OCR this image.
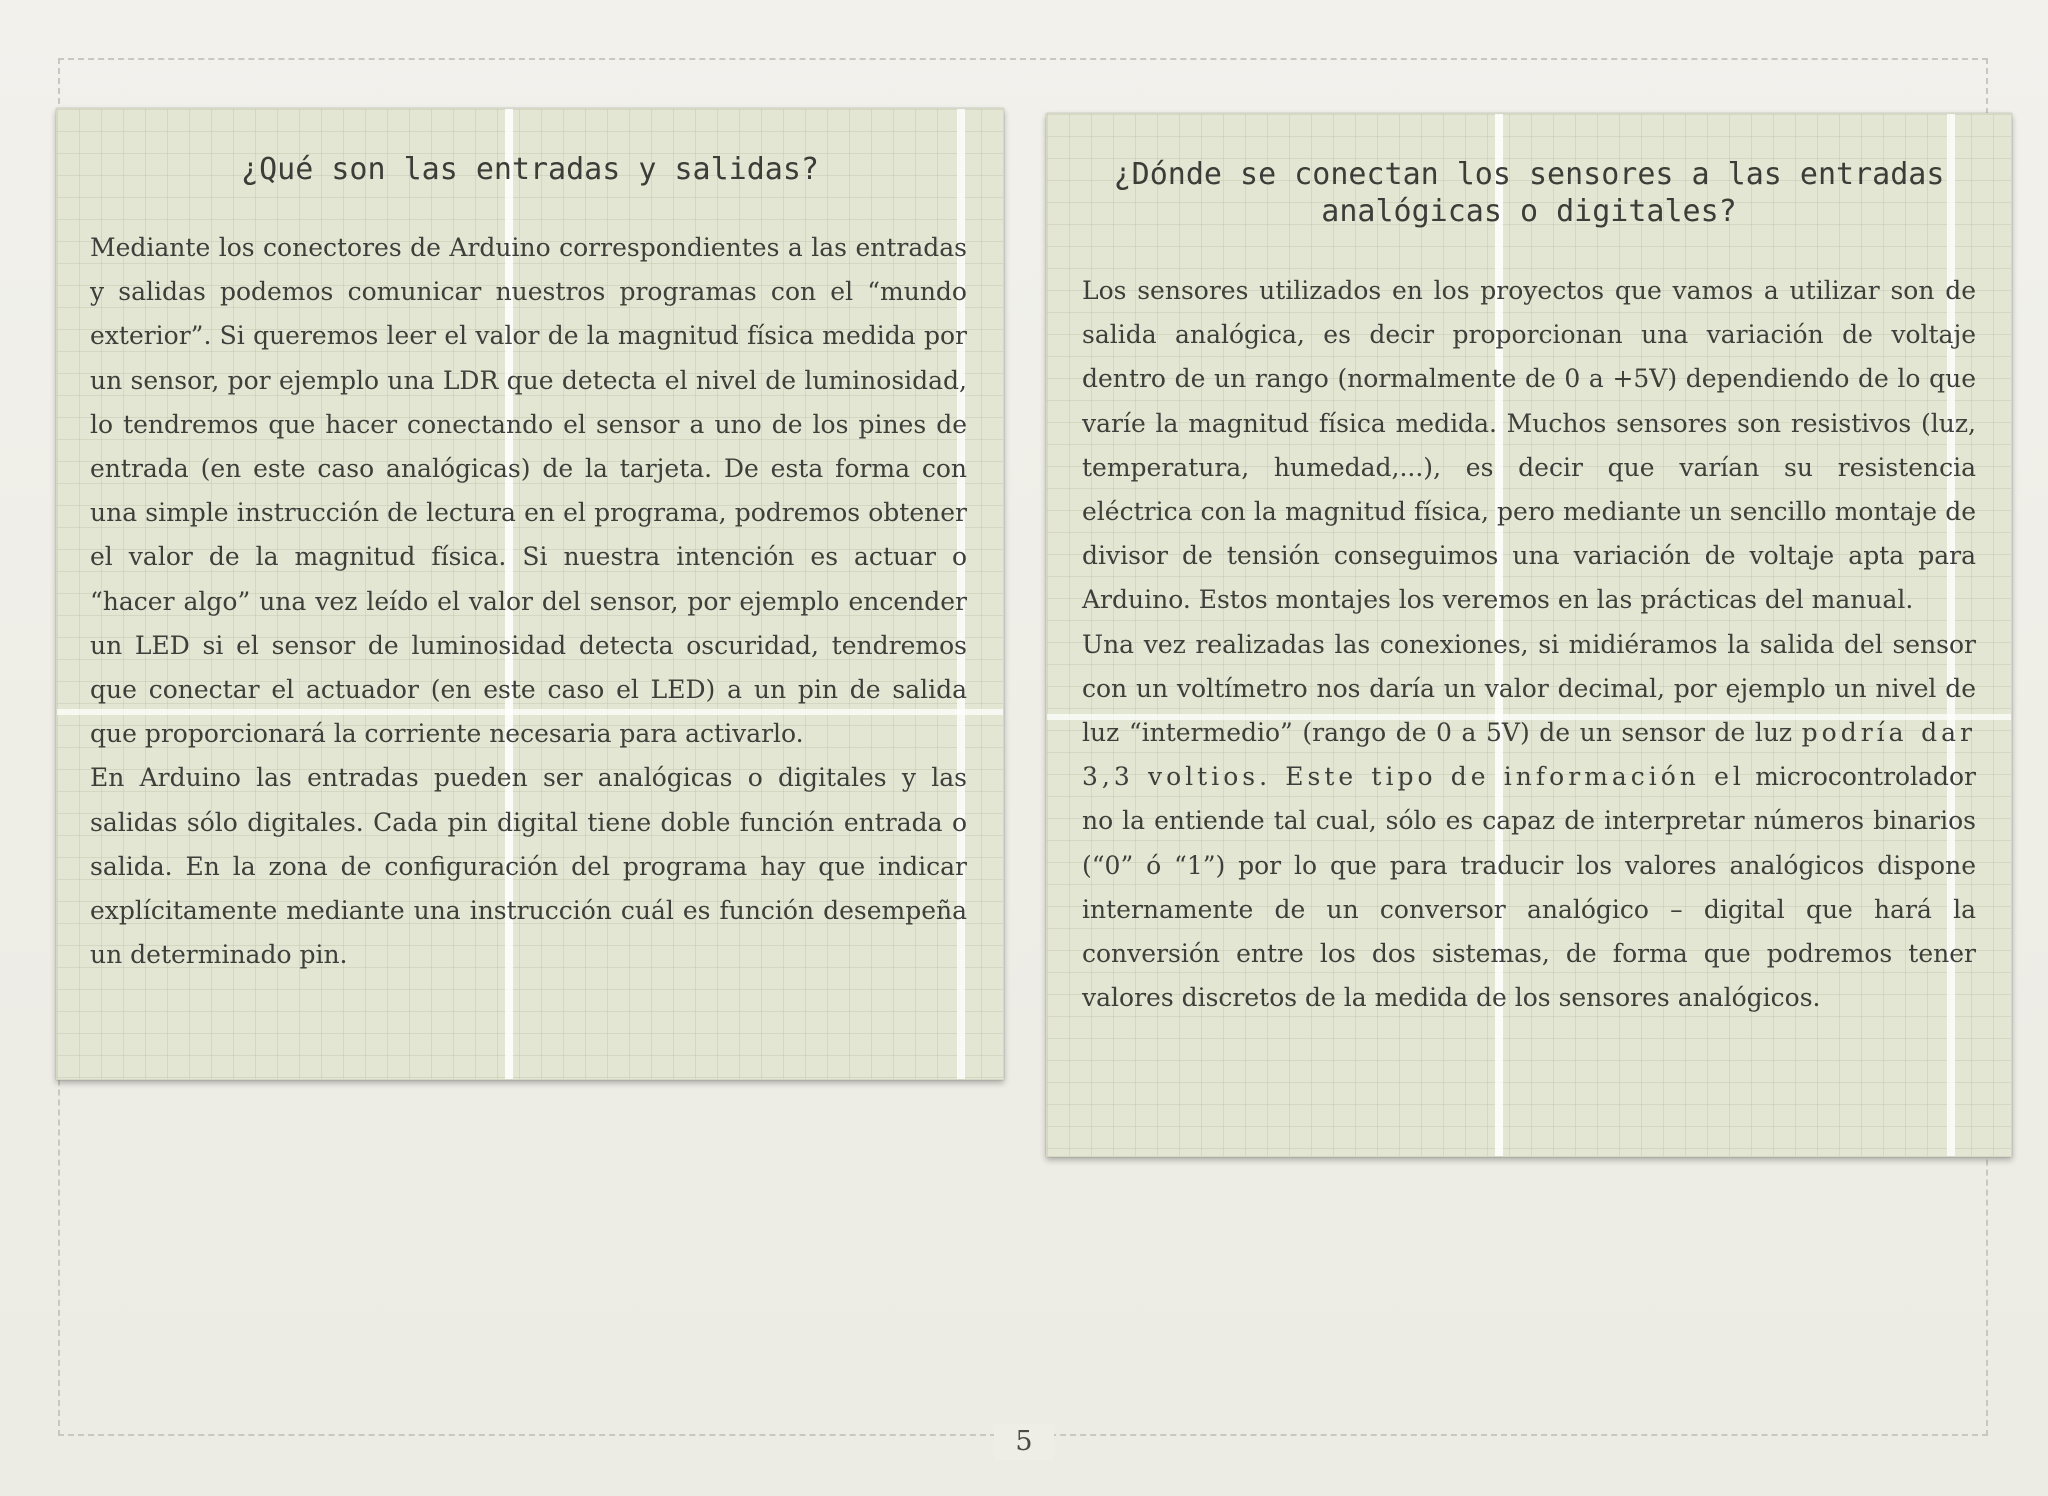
¿Qué son las entradas y salidas?

Mediante los conectores de Arduino correspondientes a las entradas y salidas podemos comunicar nuestros programas con el “mundo exterior”. Si queremos leer el valor de la magnitud física medida por un sensor, por ejemplo una LDR que detecta el nivel de luminosidad, lo tendremos que hacer conectando el sensor a uno de los pines de entrada (en este caso analógicas) de la tarjeta. De esta forma con una simple instrucción de lectura en el programa, podremos obtener el valor de la magnitud física. Si nuestra intención es actuar o “hacer algo” una vez leído el valor del sensor, por ejemplo encender un LED si el sensor de luminosidad detecta oscuridad, tendremos que conectar el actuador (en este caso el LED) a un pin de salida que proporcionará la corriente necesaria para activarlo.

En Arduino las entradas pueden ser analógicas o digitales y las salidas sólo digitales. Cada pin digital tiene doble función entrada o salida. En la zona de configuración del programa hay que indicar explícitamente mediante una instrucción cuál es función desempeña un determinado pin.

¿Dónde se conectan los sensores a las entradas analógicas o digitales?

Los sensores utilizados en los proyectos que vamos a utilizar son de salida analógica, es decir proporcionan una variación de voltaje dentro de un rango (normalmente de 0 a +5V) dependiendo de lo que varíe la magnitud física medida. Muchos sensores son resistivos (luz, temperatura, humedad,...), es decir que varían su resistencia eléctrica con la magnitud física, pero mediante un sencillo montaje de divisor de tensión conseguimos una variación de voltaje apta para Arduino. Estos montajes los veremos en las prácticas del manual.

Una vez realizadas las conexiones, si midiéramos la salida del sensor con un voltímetro nos daría un valor decimal, por ejemplo un nivel de luz “intermedio” (rango de 0 a 5V) de un sensor de luz podría dar 3,3 voltios. Este tipo de información el microcontrolador no la entiende tal cual, sólo es capaz de interpretar números binarios (“0” ó “1”) por lo que para traducir los valores analógicos dispone internamente de un conversor analógico – digital que hará la conversión entre los dos sistemas, de forma que podremos tener valores discretos de la medida de los sensores analógicos.

5
